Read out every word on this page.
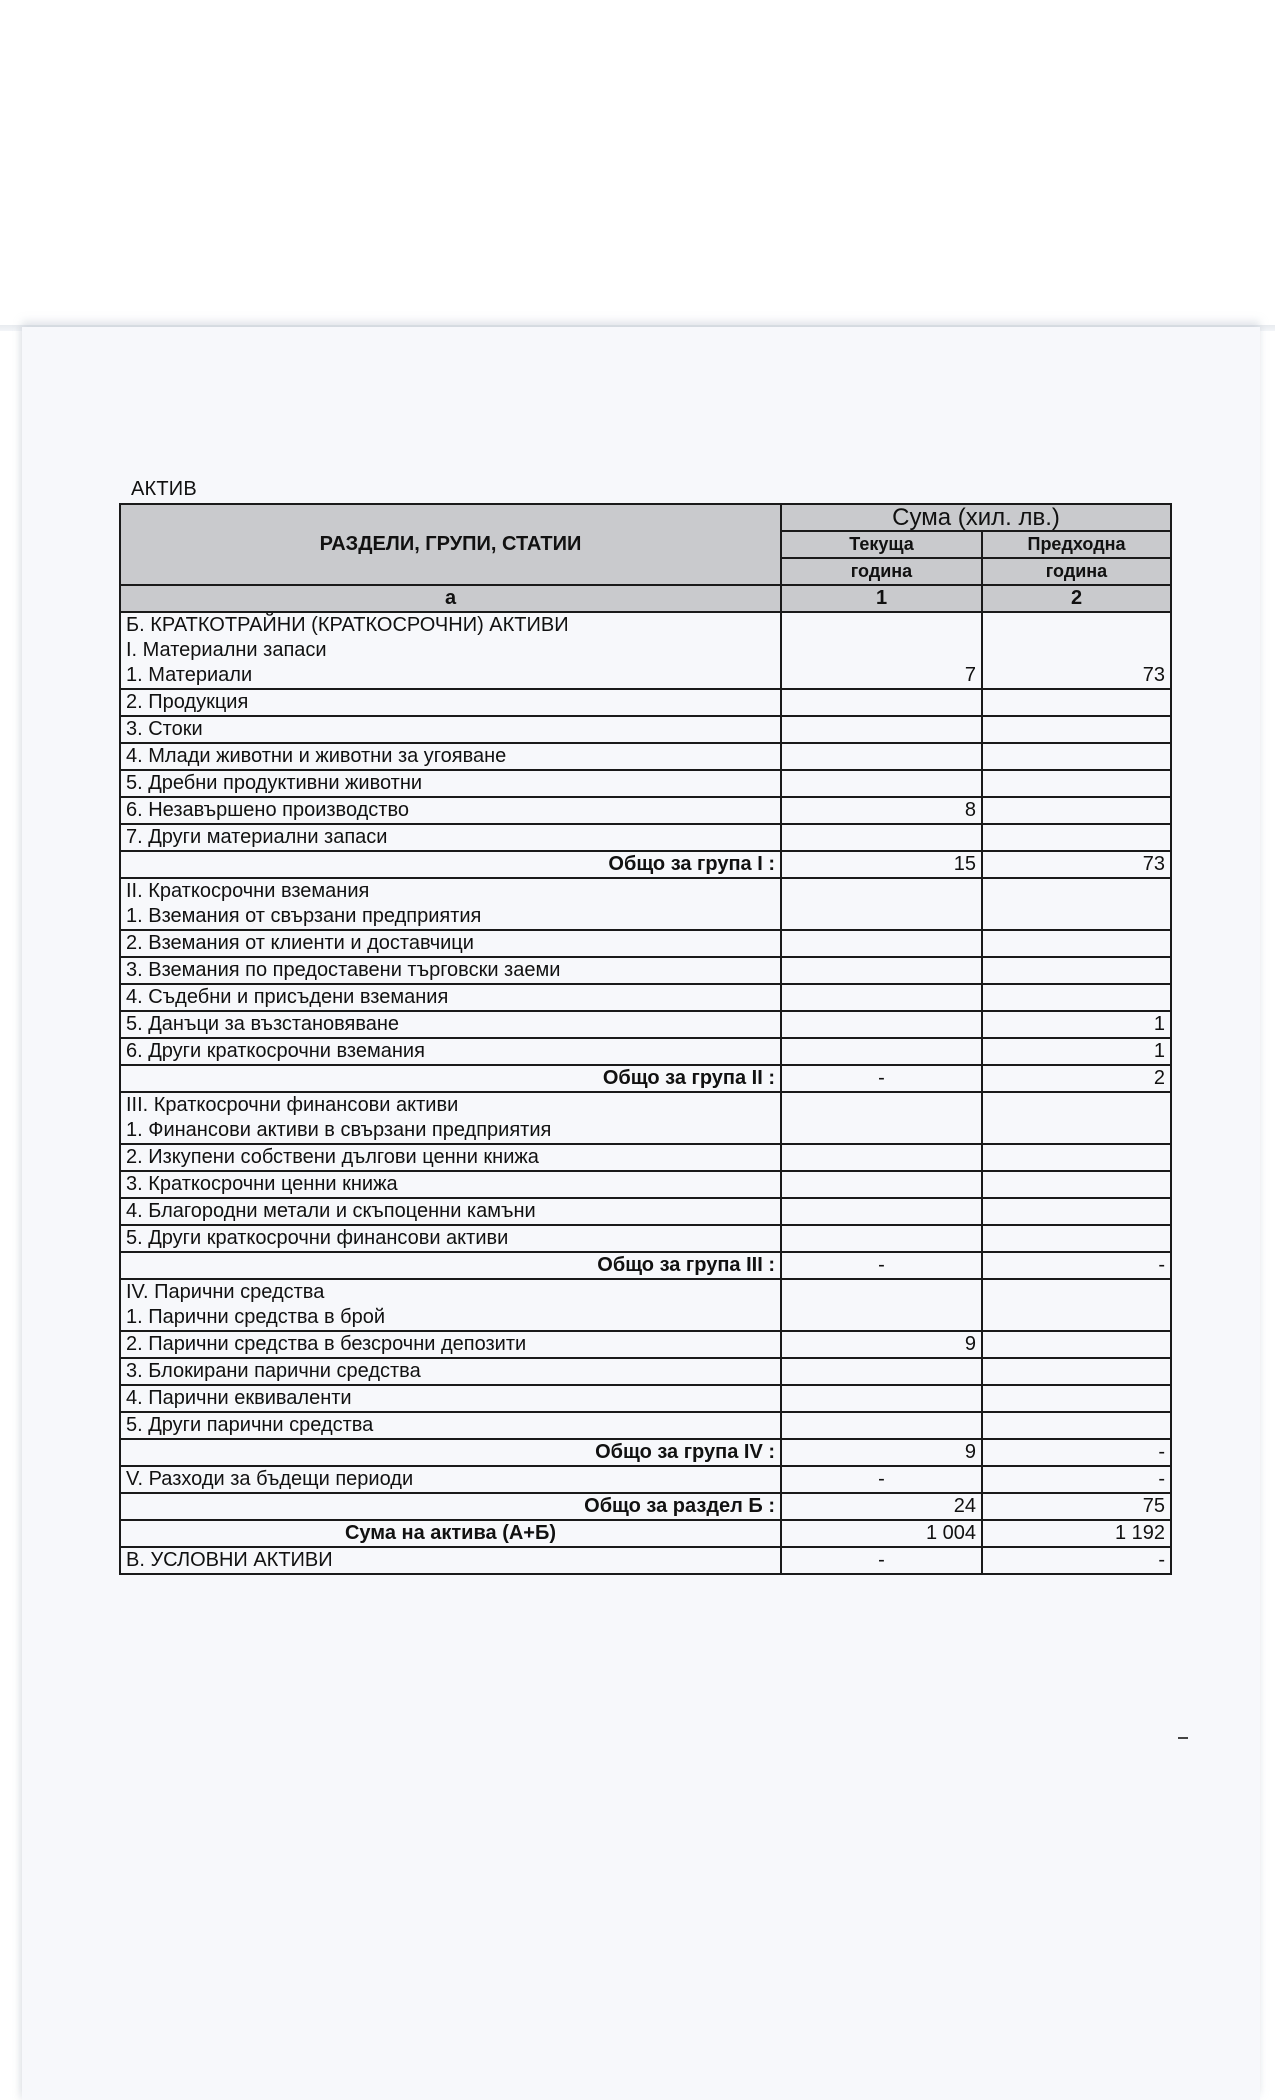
АКТИВ
РАЗДЕЛИ, ГРУПИ, СТАТИИ	Сума (хил. лв.)	
	Текуща	Предходна
	година	година
а	1	2
Б. КРАТКОТРАЙНИ (КРАТКОСРОЧНИ) АКТИВИ		
I. Материални запаси		
1. Материали	7	73
2. Продукция		
3. Стоки		
4. Млади животни и животни за угояване		
5. Дребни продуктивни животни		
6. Незавършено производство	8	
7. Други материални запаси		
Общо за група I :	15	73
II. Краткосрочни вземания		
1. Вземания от свързани предприятия		
2. Вземания от клиенти и доставчици		
3. Вземания по предоставени търговски заеми		
4. Съдебни и присъдени вземания		
5. Данъци за възстановяване		1
6. Други краткосрочни вземания		1
Общо за група II :	-	2
III. Краткосрочни финансови активи		
1. Финансови активи в свързани предприятия		
2. Изкупени собствени дългови ценни книжа		
3. Краткосрочни ценни книжа		
4. Благородни метали и скъпоценни камъни		
5. Други краткосрочни финансови активи		
Общо за група III :	-	-
IV. Парични средства		
1. Парични средства в брой		
2. Парични средства в безсрочни депозити	9	
3. Блокирани парични средства		
4. Парични еквиваленти		
5. Други парични средства		
Общо за група IV :	9	-
V. Разходи за бъдещи периоди	-	-
Общо за раздел Б :	24	75
Сума на актива (А+Б)	1 004	1 192
В. УСЛОВНИ АКТИВИ	-	-
